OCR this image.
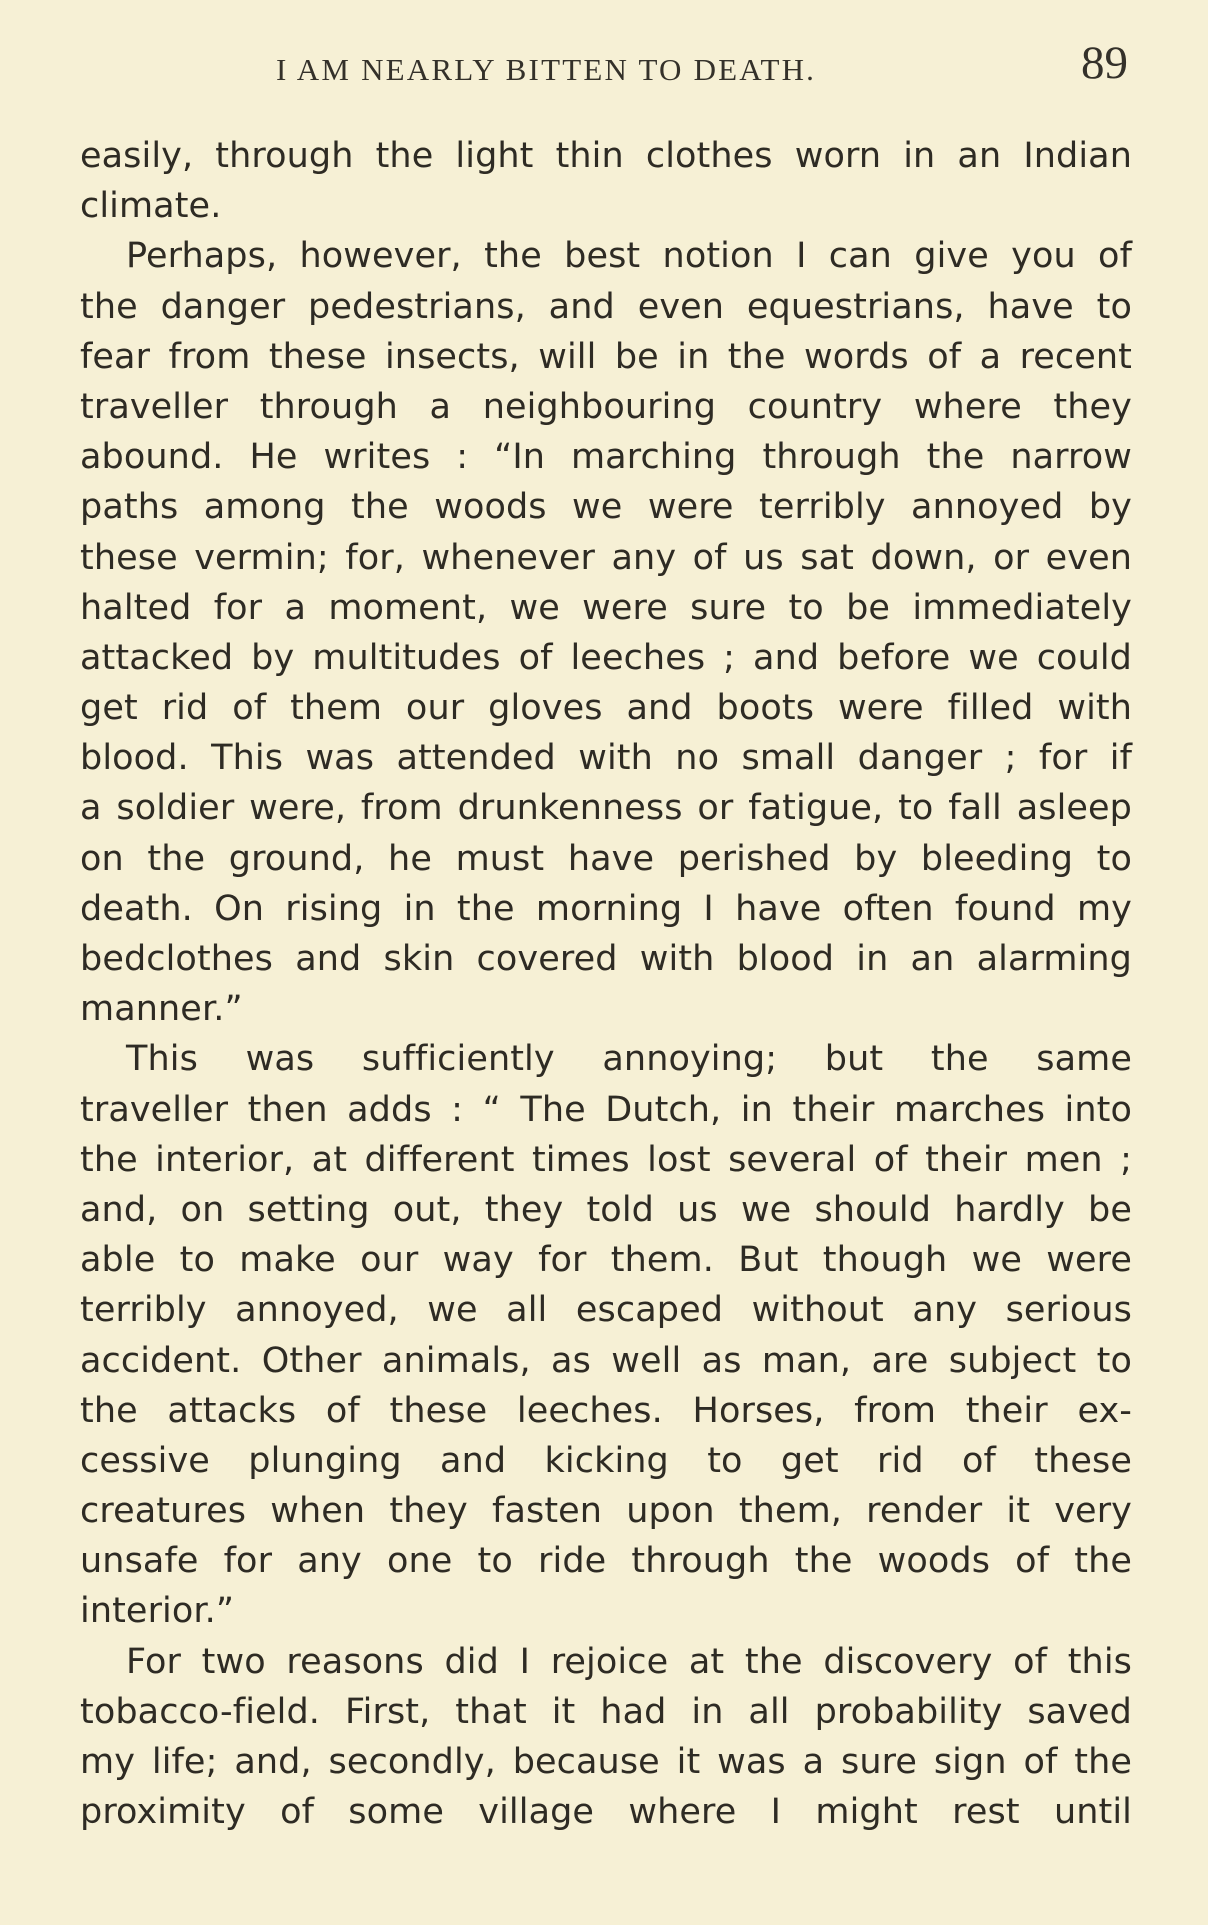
I AM NEARLY BITTEN TO DEATH.	89
easily, through the light thin clothes worn in an Indian
climate.
Perhaps, however, the best notion I can give you of
the danger pedestrians, and even equestrians, have to
fear from these insects, will be in the words of a recent
traveller through a neighbouring country where they
abound. He writes : “In marching through the narrow
paths among the woods we were terribly annoyed by
these vermin; for, whenever any of us sat down, or even
halted for a moment, we were sure to be immediately
attacked by multitudes of leeches ; and before we could
get rid of them our gloves and boots were filled with
blood. This was attended with no small danger ; for if
a soldier were, from drunkenness or fatigue, to fall asleep
on the ground, he must have perished by bleeding to
death. On rising in the morning I have often found my
bedclothes and skin covered with blood in an alarming
manner.”
This was sufficiently annoying; but the same
traveller then adds : “ The Dutch, in their marches into
the interior, at different times lost several of their men ;
and, on setting out, they told us we should hardly be
able to make our way for them. But though we were
terribly annoyed, we all escaped without any serious
accident. Other animals, as well as man, are subject to
the attacks of these leeches. Horses, from their ex-
cessive plunging and kicking to get rid of these
creatures when they fasten upon them, render it very
unsafe for any one to ride through the woods of the
interior.”
For two reasons did I rejoice at the discovery of this
tobacco-field. First, that it had in all probability saved
my life; and, secondly, because it was a sure sign of the
proximity of some village where I might rest until
